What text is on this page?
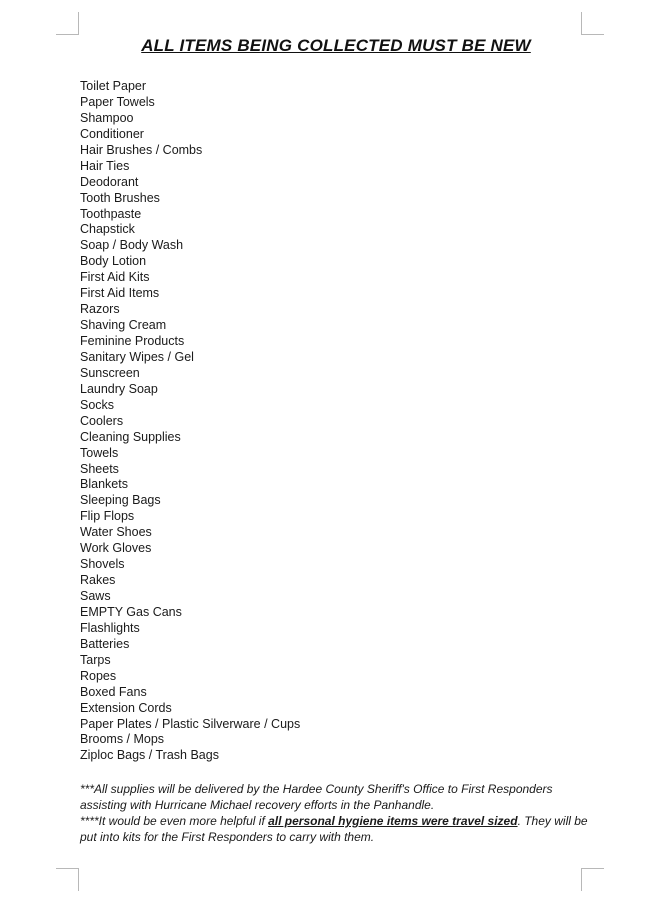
ALL ITEMS BEING COLLECTED MUST BE NEW
Toilet Paper
Paper Towels
Shampoo
Conditioner
Hair Brushes / Combs
Hair Ties
Deodorant
Tooth Brushes
Toothpaste
Chapstick
Soap / Body Wash
Body Lotion
First Aid Kits
First Aid Items
Razors
Shaving Cream
Feminine Products
Sanitary Wipes / Gel
Sunscreen
Laundry Soap
Socks
Coolers
Cleaning Supplies
Towels
Sheets
Blankets
Sleeping Bags
Flip Flops
Water Shoes
Work Gloves
Shovels
Rakes
Saws
EMPTY Gas Cans
Flashlights
Batteries
Tarps
Ropes
Boxed Fans
Extension Cords
Paper Plates / Plastic Silverware / Cups
Brooms / Mops
Ziploc Bags / Trash Bags

***All supplies will be delivered by the Hardee County Sheriff's Office to First Responders assisting with Hurricane Michael recovery efforts in the Panhandle.

****It would be even more helpful if all personal hygiene items were travel sized. They will be put into kits for the First Responders to carry with them.
